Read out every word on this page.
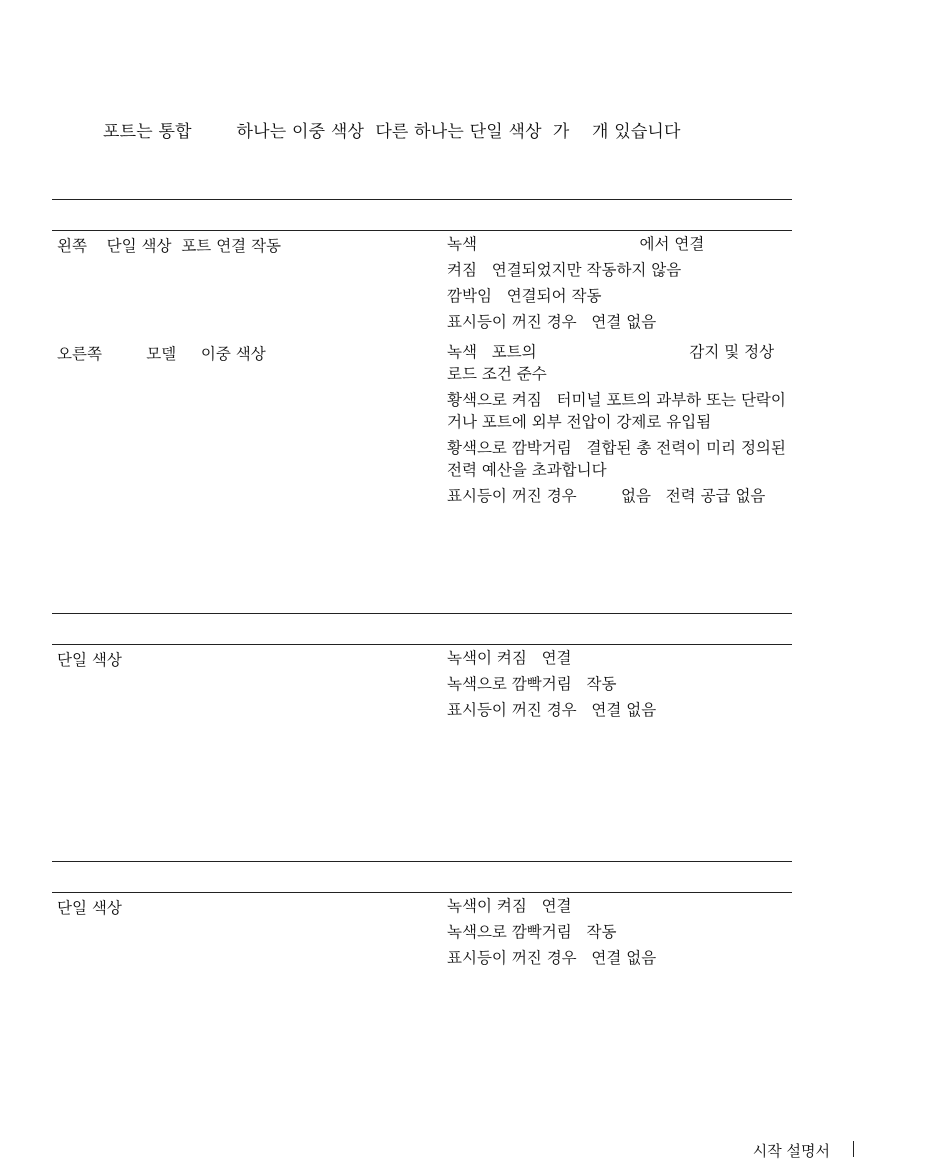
포트는 통합        하나는 이중 색상  다른 하나는 단일 색상  가    개 있습니다
왼쪽    단일 색상  포트 연결 작동	녹색                                 에서 연결
켜짐   연결되었지만 작동하지 않음
깜박임   연결되어 작동
표시등이 꺼진 경우   연결 없음
오른쪽         모델     이중 색상	녹색   포트의                               감지 및 정상 로드 조건 준수
황색으로 켜짐   터미널 포트의 과부하 또는 단락이거나 포트에 외부 전압이 강제로 유입됨
황색으로 깜박거림   결합된 총 전력이 미리 정의된 전력 예산을 초과합니다
표시등이 꺼진 경우         없음   전력 공급 없음
단일 색상	녹색이 켜짐   연결
녹색으로 깜빡거림   작동
표시등이 꺼진 경우   연결 없음
단일 색상	녹색이 켜짐   연결
녹색으로 깜빡거림   작동
표시등이 꺼진 경우   연결 없음
시작 설명서
